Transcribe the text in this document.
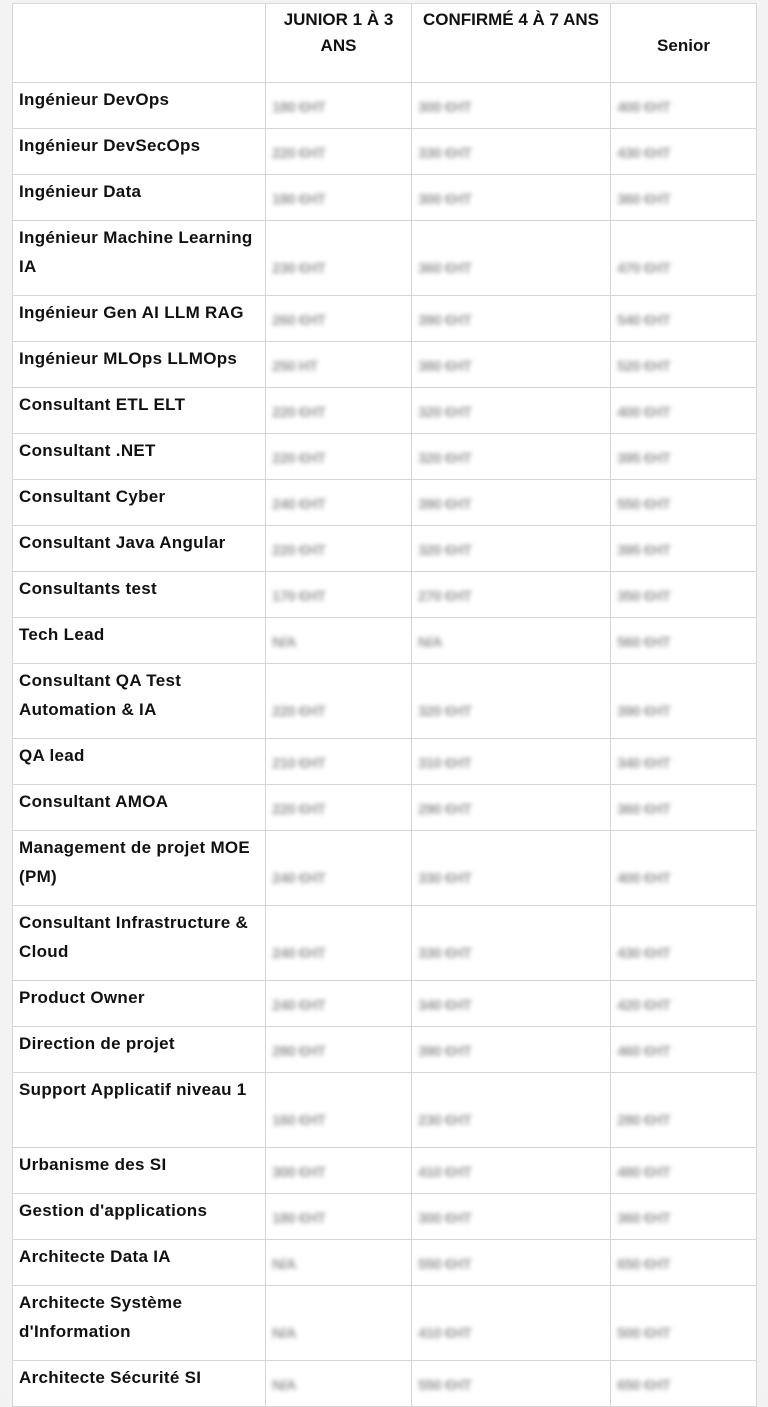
	JUNIOR 1 À 3 ANS	CONFIRMÉ 4 À 7 ANS	Senior
Ingénieur DevOps	180 €HT	300 €HT	400 €HT
Ingénieur DevSecOps	220 €HT	330 €HT	430 €HT
Ingénieur Data	180 €HT	300 €HT	360 €HT
Ingénieur Machine Learning IA	230 €HT	360 €HT	470 €HT
Ingénieur Gen AI LLM RAG	260 €HT	390 €HT	540 €HT
Ingénieur MLOps LLMOps	250 HT	380 €HT	520 €HT
Consultant ETL ELT	220 €HT	320 €HT	400 €HT
Consultant .NET	220 €HT	320 €HT	395 €HT
Consultant Cyber	240 €HT	390 €HT	550 €HT
Consultant Java Angular	220 €HT	320 €HT	395 €HT
Consultants test	170 €HT	270 €HT	350 €HT
Tech Lead	N/A	N/A	560 €HT
Consultant QA Test Automation & IA	220 €HT	320 €HT	390 €HT
QA lead	210 €HT	310 €HT	340 €HT
Consultant AMOA	220 €HT	290 €HT	360 €HT
Management de projet MOE (PM)	240 €HT	330 €HT	400 €HT
Consultant Infrastructure & Cloud	240 €HT	330 €HT	430 €HT
Product Owner	240 €HT	340 €HT	420 €HT
Direction de projet	280 €HT	390 €HT	460 €HT
Support Applicatif niveau 1	160 €HT	230 €HT	280 €HT
Urbanisme des SI	300 €HT	410 €HT	480 €HT
Gestion d'applications	180 €HT	300 €HT	360 €HT
Architecte Data IA	N/A	550 €HT	650 €HT
Architecte Système d'Information	N/A	410 €HT	500 €HT
Architecte Sécurité SI	N/A	550 €HT	650 €HT
